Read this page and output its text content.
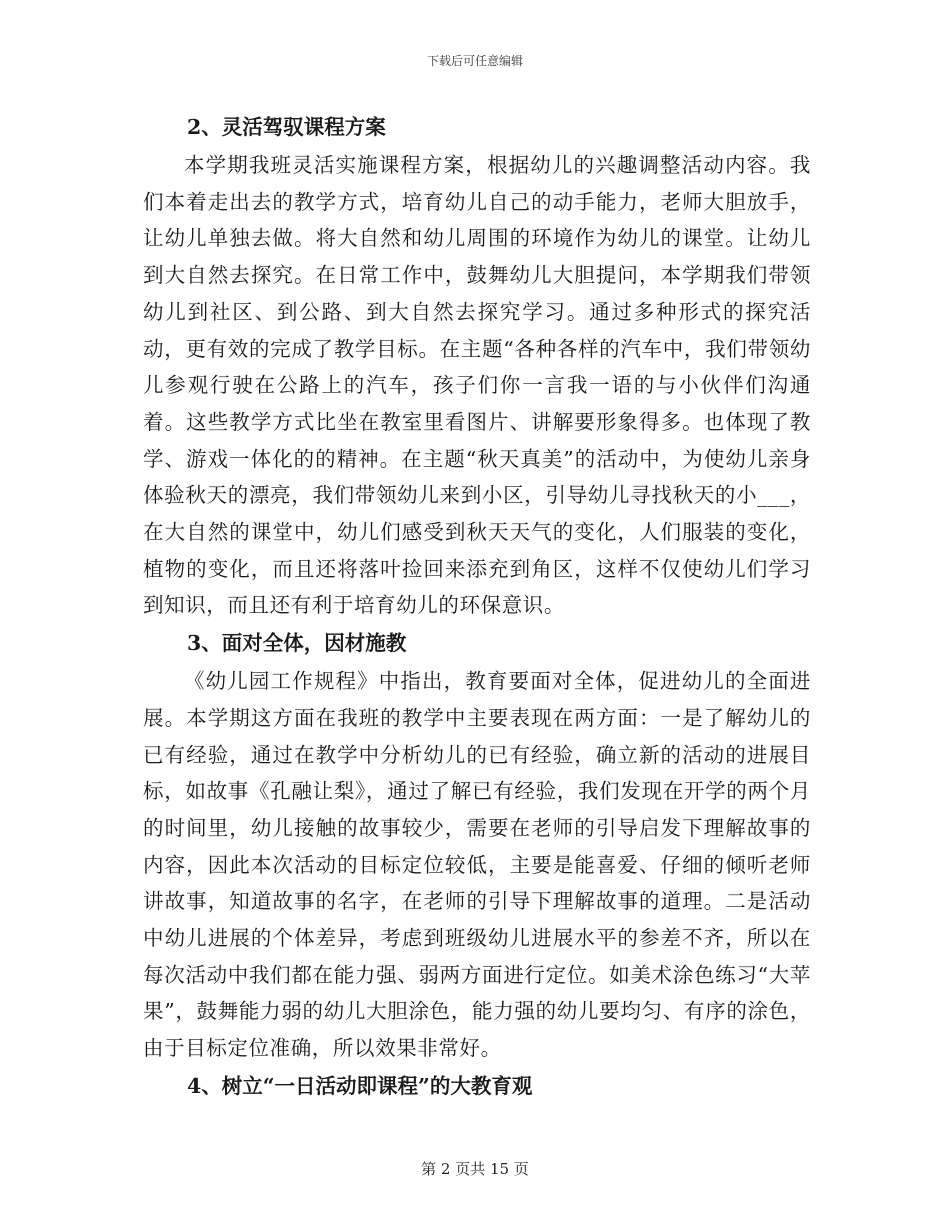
下载后可任意编辑
2、灵活驾驭课程方案

本学期我班灵活实施课程方案，根据幼儿的兴趣调整活动内容。我们本着走出去的教学方式，培育幼儿自己的动手能力，老师大胆放手，让幼儿单独去做。将大自然和幼儿周围的环境作为幼儿的课堂。让幼儿到大自然去探究。在日常工作中，鼓舞幼儿大胆提问，本学期我们带领幼儿到社区、到公路、到大自然去探究学习。通过多种形式的探究活动，更有效的完成了教学目标。在主题“各种各样的汽车中，我们带领幼儿参观行驶在公路上的汽车，孩子们你一言我一语的与小伙伴们沟通着。这些教学方式比坐在教室里看图片、讲解要形象得多。也体现了教学、游戏一体化的的精神。在主题“秋天真美”的活动中，为使幼儿亲身体验秋天的漂亮，我们带领幼儿来到小区，引导幼儿寻找秋天的小___，在大自然的课堂中，幼儿们感受到秋天天气的变化，人们服装的变化，植物的变化，而且还将落叶捡回来添充到角区，这样不仅使幼儿们学习到知识，而且还有利于培育幼儿的环保意识。

3、面对全体，因材施教

《幼儿园工作规程》中指出，教育要面对全体，促进幼儿的全面进展。本学期这方面在我班的教学中主要表现在两方面：一是了解幼儿的已有经验，通过在教学中分析幼儿的已有经验，确立新的活动的进展目标，如故事《孔融让梨》，通过了解已有经验，我们发现在开学的两个月的时间里，幼儿接触的故事较少，需要在老师的引导启发下理解故事的内容，因此本次活动的目标定位较低，主要是能喜爱、仔细的倾听老师讲故事，知道故事的名字，在老师的引导下理解故事的道理。二是活动中幼儿进展的个体差异，考虑到班级幼儿进展水平的参差不齐，所以在每次活动中我们都在能力强、弱两方面进行定位。如美术涂色练习“大苹果”，鼓舞能力弱的幼儿大胆涂色，能力强的幼儿要均匀、有序的涂色，由于目标定位准确，所以效果非常好。

4、树立“一日活动即课程”的大教育观
第 2 页共 15 页
